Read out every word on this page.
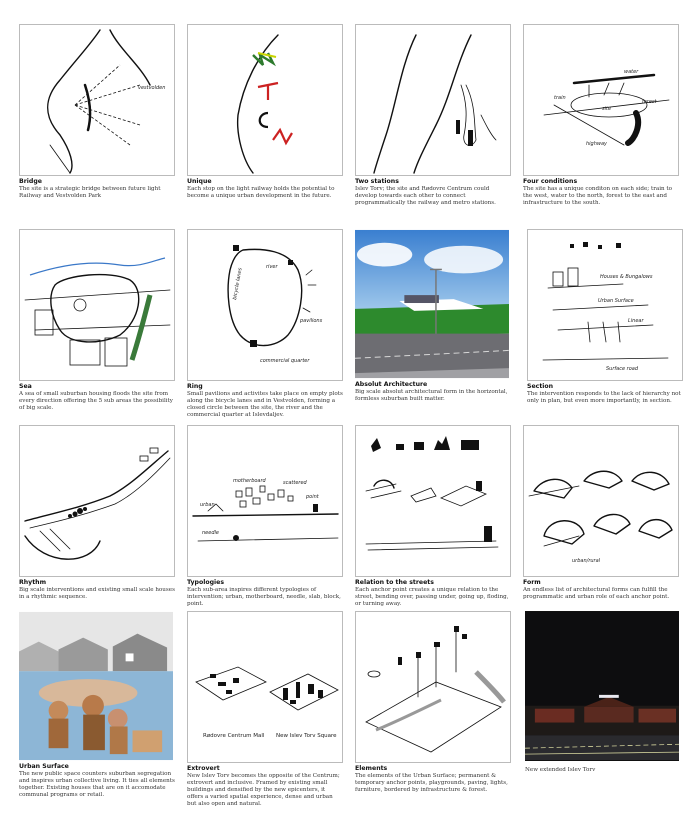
vestvolden
Bridge
The site is a strategic bridge between future light Railway and Vestvolden Park
Unique
Each stop on the light railway holds the potential to become a unique urban development in the future.
Two stations
Islev Torv; the site and Rødovre Centrum could develop towards each other to connect programmatically the railway and metro stations.
water
train
site
forest
highway
Four conditions
The site has a unique conditon on each side; train to the west, water to the north, forest to the east and infrastructure to the south.
Sea
A sea of small suburban housing floods the site from every direction offering the 5 sub areas the possibility of big scale.
bicycle lanes
pavilions
commercial quarter
river
Ring
Small pavilions and activites take place on empty plots along the bicycle lanes and in Vestvolden, forming a closed circle between the site, the river and the commercial quarter at Islevdaljev.
Absolut Architecture
Big scale absolut architectural form in the horizontal, formless suburban built matter.
Houses & Bungalows
Urban Surface
Linear
Surface road
Section
The intervention responds to the lack of hierarchy not only in plan, but even more importantly, in section.
Rhythm
Big scale interventions and existing small scale houses in a rhythmic sequence.
motherboard	scattered
urban
point
needle
Typologies
Each sub-area inspires different typologies of intervention; urban, motherboard, needle, slab, block, point.
Relation to the streets
Each anchor point creates a unique relation to the street, bending over, passing under, going up, floding, or turning away.
urban/rural
Form
An endless list of architectural forms can fulfill the programmatic and urban role of each anchor point.
Urban Surface
The new public space counters suburban segregation and inspires urban collective living. It ties all elements together. Existing houses that are on it accomodate communal programs or retail.
Rødovre Centrum Mall New Islev Torv Square
Extrovert
New Islev Torv becomes the opposite of the Centrum; extrovert and inclusive. Framed by existing small buildings and densified by the new epicenters, it offers a varied spatial experience, dense and urban but also open and natural.
Elements
The elements of the Urban Surface; permanent & temporary anchor points, playgrounds, paving, lights, furniture, bordered by infrastructure & forest.
New extended Islev Torv
